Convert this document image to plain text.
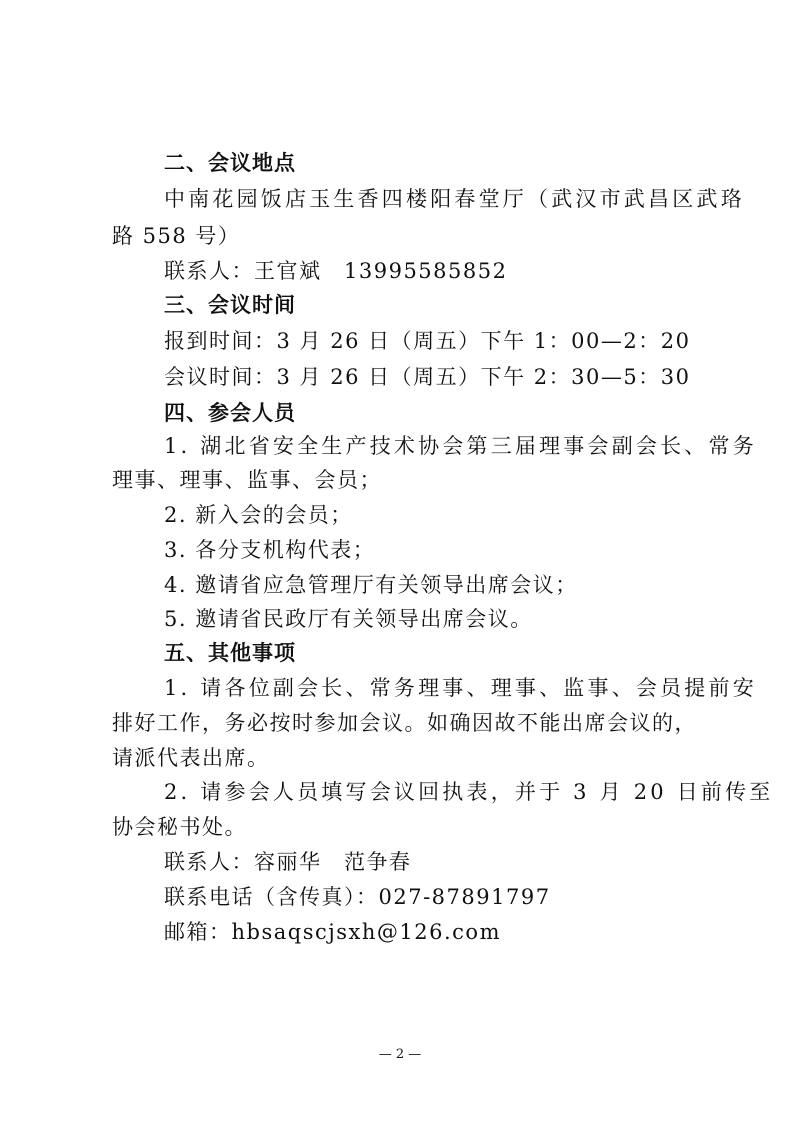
二、会议地点
中南花园饭店玉生香四楼阳春堂厅（武汉市武昌区武珞
路 558 号）
联系人：王官斌　13995585852
三、会议时间
报到时间：3 月 26 日（周五）下午 1：00—2：20
会议时间：3 月 26 日（周五）下午 2：30—5：30
四、参会人员
1. 湖北省安全生产技术协会第三届理事会副会长、常务
理事、理事、监事、会员；
2. 新入会的会员；
3. 各分支机构代表；
4. 邀请省应急管理厅有关领导出席会议；
5. 邀请省民政厅有关领导出席会议。
五、其他事项
1. 请各位副会长、常务理事、理事、监事、会员提前安
排好工作，务必按时参加会议。如确因故不能出席会议的，
请派代表出席。
2. 请参会人员填写会议回执表，并于 3 月 20 日前传至
协会秘书处。
联系人：容丽华　范争春
联系电话（含传真）：027-87891797
邮箱：hbsaqscjsxh@126.com
— 2 —
